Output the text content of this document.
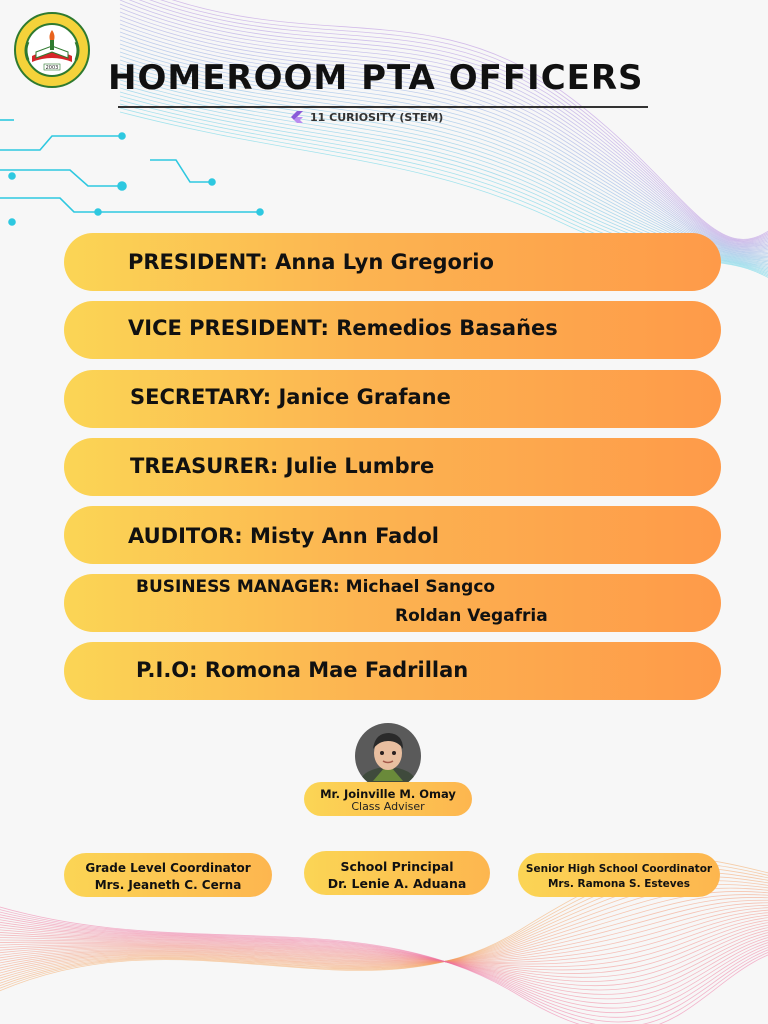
2003 HOMEROOM PTA OFFICERS
11 CURIOSITY (STEM)
PRESIDENT: Anna Lyn Gregorio
VICE PRESIDENT: Remedios Basañes
SECRETARY: Janice Grafane
TREASURER: Julie Lumbre
AUDITOR: Misty Ann Fadol
BUSINESS MANAGER: Michael Sangco
Roldan Vegafria
P.I.O: Romona Mae Fadrillan
Mr. Joinville M. Omay
Class Adviser
Grade Level Coordinator
Mrs. Jeaneth C. Cerna
School Principal
Dr. Lenie A. Aduana
Senior High School Coordinator
Mrs. Ramona S. Esteves
